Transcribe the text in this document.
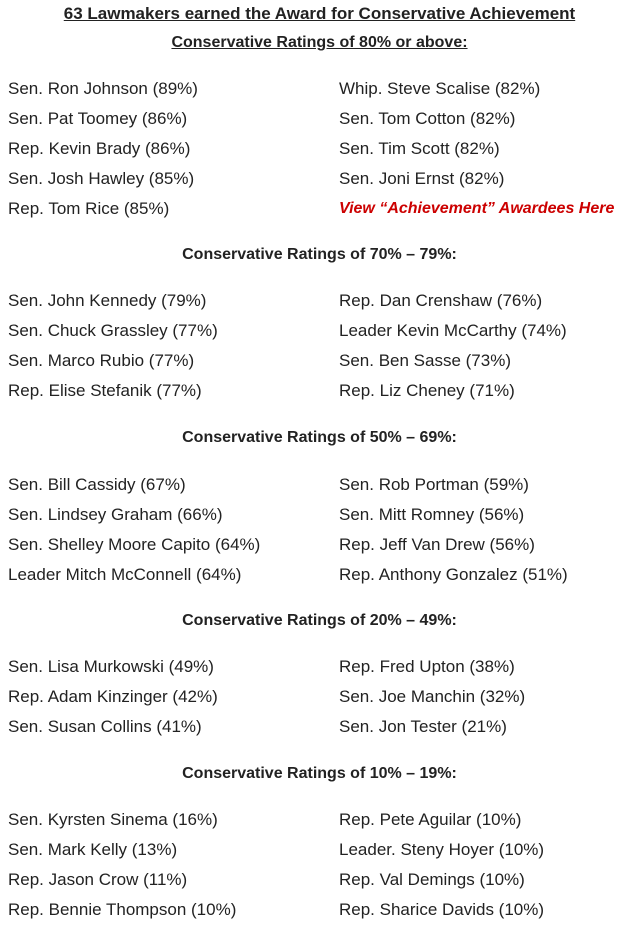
63 Lawmakers earned the Award for Conservative Achievement
Conservative Ratings of 80% or above:
Sen. Ron Johnson (89%)	Whip. Steve Scalise (82%)
Sen. Pat Toomey (86%)	Sen. Tom Cotton (82%)
Rep. Kevin Brady (86%)	Sen. Tim Scott (82%)
Sen. Josh Hawley (85%)	Sen. Joni Ernst (82%)
Rep. Tom Rice (85%)	View “Achievement” Awardees Here
Conservative Ratings of 70% – 79%:
Sen. John Kennedy (79%)	Rep. Dan Crenshaw (76%)
Sen. Chuck Grassley (77%)	Leader Kevin McCarthy (74%)
Sen. Marco Rubio (77%)	Sen. Ben Sasse (73%)
Rep. Elise Stefanik (77%)	Rep. Liz Cheney (71%)
Conservative Ratings of 50% – 69%:
Sen. Bill Cassidy (67%)	Sen. Rob Portman (59%)
Sen. Lindsey Graham (66%)	Sen. Mitt Romney (56%)
Sen. Shelley Moore Capito (64%)	Rep. Jeff Van Drew (56%)
Leader Mitch McConnell (64%)	Rep. Anthony Gonzalez (51%)
Conservative Ratings of 20% – 49%:
Sen. Lisa Murkowski (49%)	Rep. Fred Upton (38%)
Rep. Adam Kinzinger (42%)	Sen. Joe Manchin (32%)
Sen. Susan Collins (41%)	Sen. Jon Tester (21%)
Conservative Ratings of 10% – 19%:
Sen. Kyrsten Sinema (16%)	Rep. Pete Aguilar (10%)
Sen. Mark Kelly (13%)	Leader. Steny Hoyer (10%)
Rep. Jason Crow (11%)	Rep. Val Demings (10%)
Rep. Bennie Thompson (10%)	Rep. Sharice Davids (10%)
